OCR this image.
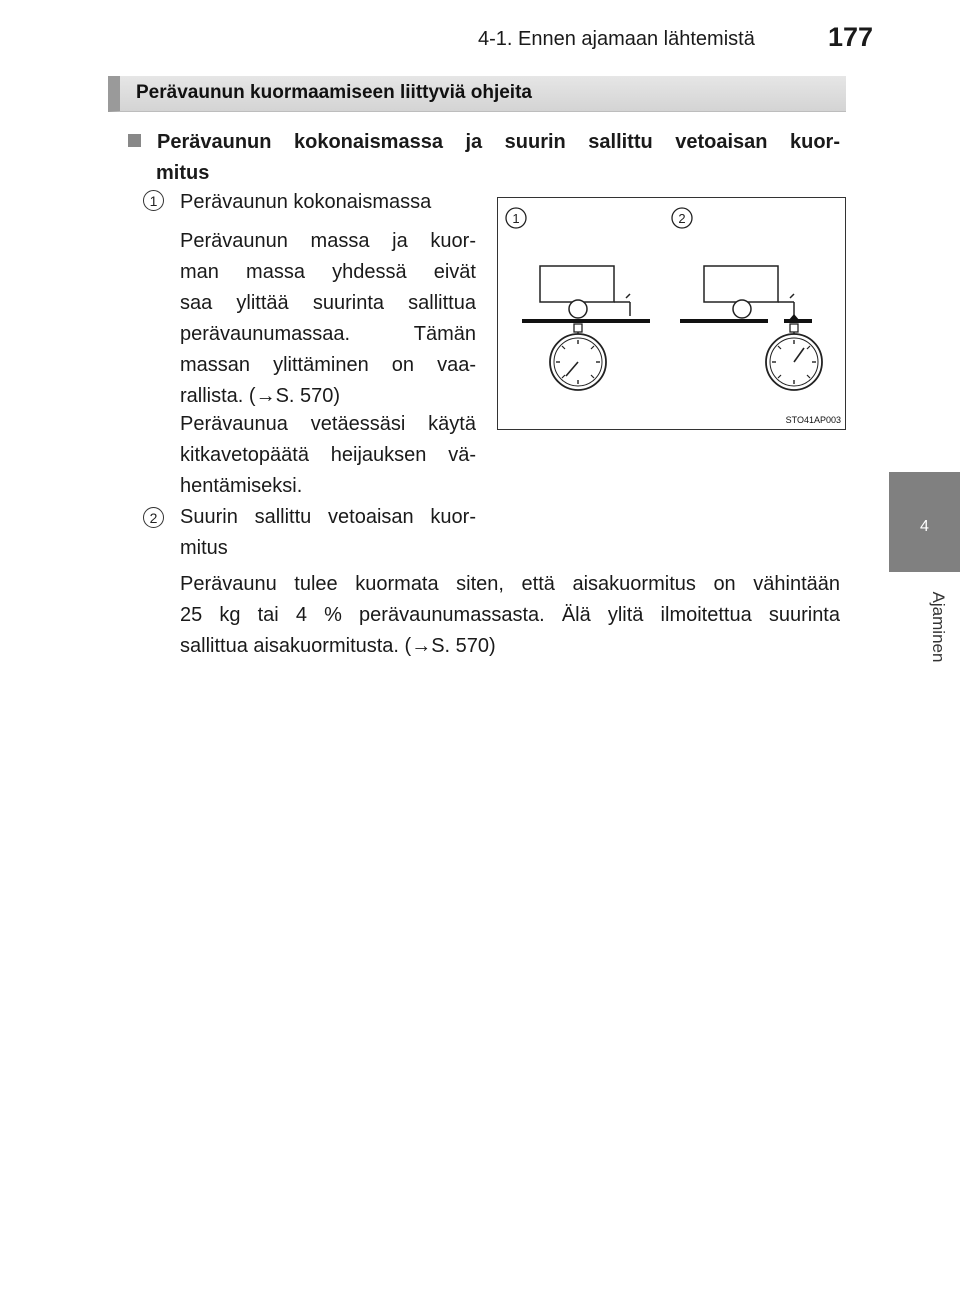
4-1. Ennen ajamaan lähtemistä	177
4
Ajaminen
Perävaunun kuormaamiseen liittyviä ohjeita
Perävaunun kokonaismassa ja suurin sallittu vetoaisan kuor-
mitus
1	Perävaunun kokonaismassa
Perävaunun massa ja kuor-
man massa yhdessä eivät
saa ylittää suurinta sallittua
perävaunumassaa. Tämän
massan ylittäminen on vaa-
rallista. (→S. 570)
Perävaunua vetäessäsi käytä
kitkavetopäätä heijauksen vä-
hentämiseksi.
2	Suurin sallittu vetoaisan kuor-
mitus
Perävaunu tulee kuormata siten, että aisakuormitus on vähintään
25 kg tai 4 % perävaunumassasta. Älä ylitä ilmoitettua suurinta
sallittua aisakuormitusta. (→S. 570)
1	2
STO41AP003
